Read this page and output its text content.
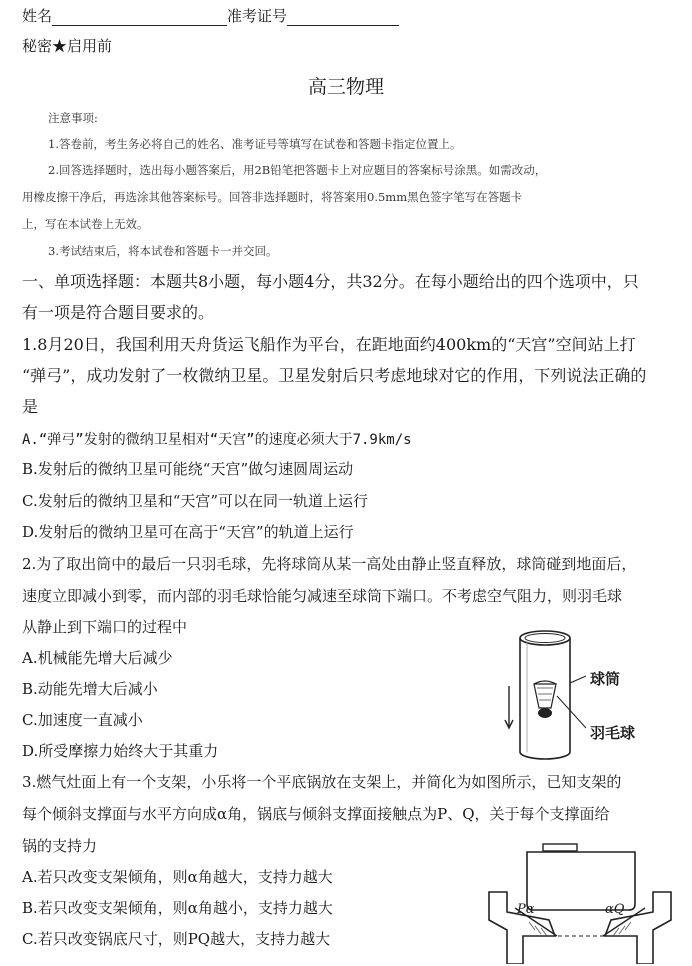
姓名	准考证号
秘密★启用前
高三物理
注意事项:
1.答卷前，考生务必将自己的姓名、准考证号等填写在试卷和答题卡指定位置上。
2.回答选择题时，选出每小题答案后，用2B铅笔把答题卡上对应题目的答案标号涂黑。如需改动，
用橡皮擦干净后，再选涂其他答案标号。回答非选择题时，将答案用0.5mm黑色签字笔写在答题卡
上，写在本试卷上无效。
3.考试结束后，将本试卷和答题卡一并交回。
一、单项选择题：本题共8小题，每小题4分，共32分。在每小题给出的四个选项中，只
有一项是符合题目要求的。
1.8月20日，我国利用天舟货运飞船作为平台，在距地面约400km的“天宫”空间站上打
“弹弓”，成功发射了一枚微纳卫星。卫星发射后只考虑地球对它的作用，下列说法正确的
是
A.“弹弓”发射的微纳卫星相对“天宫”的速度必须大于7.9km/s
B.发射后的微纳卫星可能绕“天宫”做匀速圆周运动
C.发射后的微纳卫星和“天宫”可以在同一轨道上运行
D.发射后的微纳卫星可在高于“天宫”的轨道上运行
2.为了取出筒中的最后一只羽毛球，先将球筒从某一高处由静止竖直释放，球筒碰到地面后，
速度立即减小到零，而内部的羽毛球恰能匀减速至球筒下端口。不考虑空气阻力，则羽毛球
从静止到下端口的过程中
A.机械能先增大后减少
B.动能先增大后减小
C.加速度一直减小
D.所受摩擦力始终大于其重力
球筒
羽毛球
3.燃气灶面上有一个支架，小乐将一个平底锅放在支架上，并简化为如图所示，已知支架的
每个倾斜支撑面与水平方向成α角，锅底与倾斜支撑面接触点为P、Q，关于每个支撑面给
锅的支持力
A.若只改变支架倾角，则α角越大，支持力越大
B.若只改变支架倾角，则α角越小，支持力越大
C.若只改变锅底尺寸，则PQ越大，支持力越大
Pα	αQ
